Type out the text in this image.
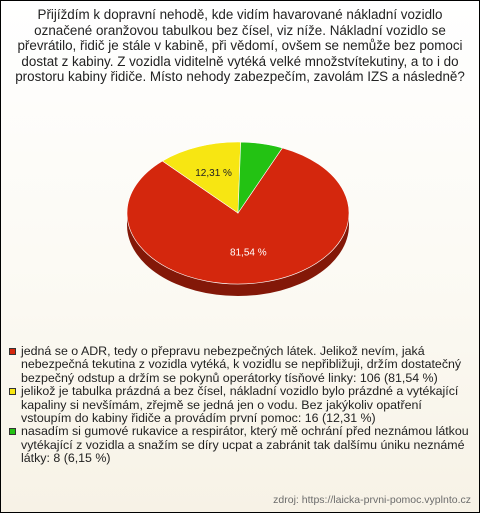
Přijíždím k dopravní nehodě, kde vidím havarované nákladní vozidlo označené oranžovou tabulkou bez čísel, viz níže. Nákladní vozidlo se převrátilo, řidič je stále v kabině, při vědomí, ovšem se nemůže bez pomoci dostat z kabiny. Z vozidla viditelně vytéká velké množstvítekutiny, a to i do prostoru kabiny řidiče. Místo nehody zabezpečím, zavolám IZS a následně?
81,54 %
12,31 %
jedná se o ADR, tedy o přepravu nebezpečných látek. Jelikož nevím, jaká nebezpečná tekutina z vozidla vytéká, k vozidlu se nepřibližuji, držím dostatečný bezpečný odstup a držím se pokynů operátorky tísňové linky: 106 (81,54 %)
jelikož je tabulka prázdná a bez čísel, nákladní vozidlo bylo prázdné a vytékající kapaliny si nevšímám, zřejmě se jedná jen o vodu. Bez jakýkoliv opatření vstoupím do kabiny řidiče a provádím první pomoc: 16 (12,31 %)
nasadím si gumové rukavice a respirátor, který mě ochrání před neznámou látkou vytékající z vozidla a snažím se díry ucpat a zabránit tak dalšímu úniku neznámé látky: 8 (6,15 %)
zdroj: https://laicka-prvni-pomoc.vyplnto.cz
